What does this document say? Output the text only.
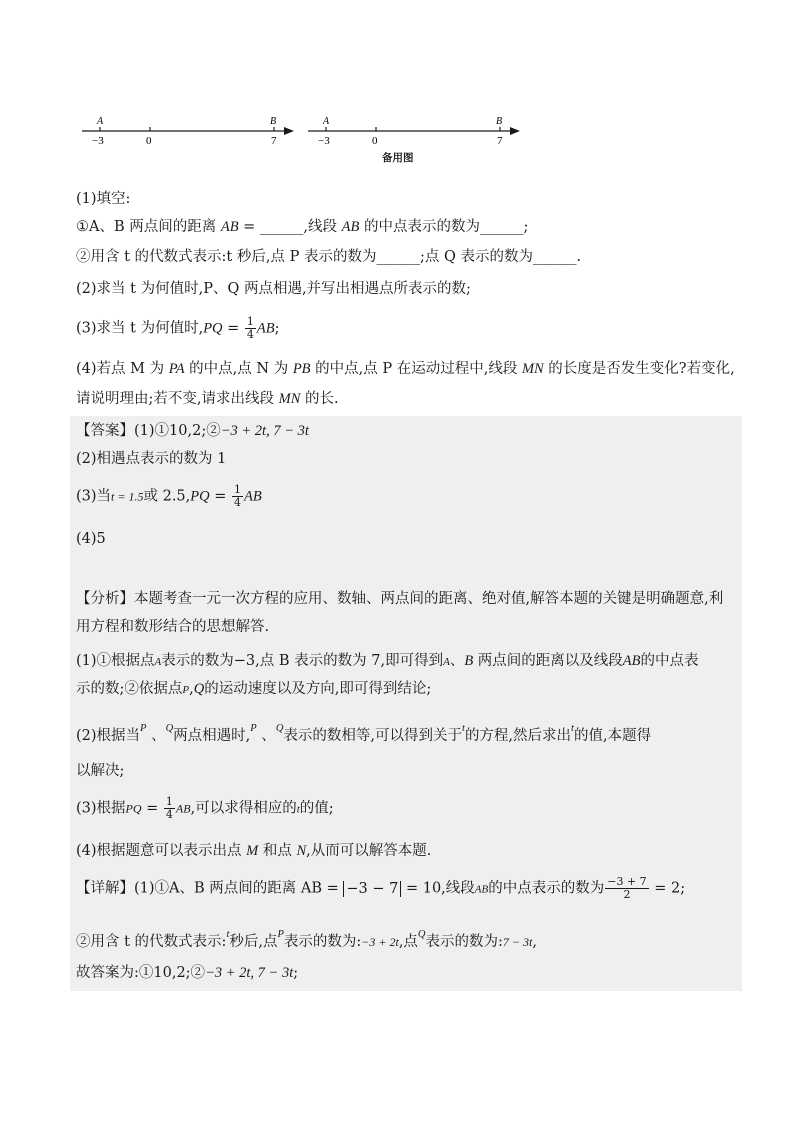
A	B
−3	0	7
A	B
−3	0	7
备用图
(1)填空:
①A、B 两点间的距离 AB = ______,线段 AB 的中点表示的数为______;
②用含 t 的代数式表示:t 秒后,点 P 表示的数为______;点 Q 表示的数为______.
(2)求当 t 为何值时,P、Q 两点相遇,并写出相遇点所表示的数;
(3)求当 t 为何值时$,PQ = \frac{1}{4}$ AB;
(4)若点 M 为 PA 的中点,点 N 为 PB 的中点,点 P 在运动过程中,线段 MN 的长度是否发生变化?若变化,
请说明理由;若不变,请求出线段 MN 的长.
【答案】(1)①10,2;②−3 + 2t, 7 − 3t
(2)相遇点表示的数为 1
(3)当t = 1.5或 $2.5,PQ = \frac{1}{4}$ AB
(4)5
【分析】本题考查一元一次方程的应用、数轴、两点间的距离、绝对值,解答本题的关键是明确题意,利
用方程和数形结合的思想解答.
(1)①根据点A表示的数为−3,点 B 表示的数为 7,即可得到A、B 两点间的距离以及线段AB的中点表
示的数;②依据点P,Q的运动速度以及方向,即可得到结论;
(2)根据当$^P$ 、$^Q$两点相遇时,$^P$ 、$^Q$表示的数相等,可以得到关于$^t$的方程,然后求出$^t$的值,本题得
以解决;
(3)根据PQ = $\frac{1}{4}$ AB,可以求得相应的t的值;
(4)根据题意可以表示出点 M 和点 N,从而可以解答本题.
【详解】(1)①A、B 两点间的距离 AB = −3 − 7 = 10,线段AB的中点表示的数为 $\frac{-3 + 7}{2} = 2$;
②用含 t 的代数式表示:$^t$秒后,点$^P$表示的数为:−3 + 2t,点$^Q$表示的数为:7 − 3t,
故答案为:①10,2;②−3 + 2t, 7 − 3t;
